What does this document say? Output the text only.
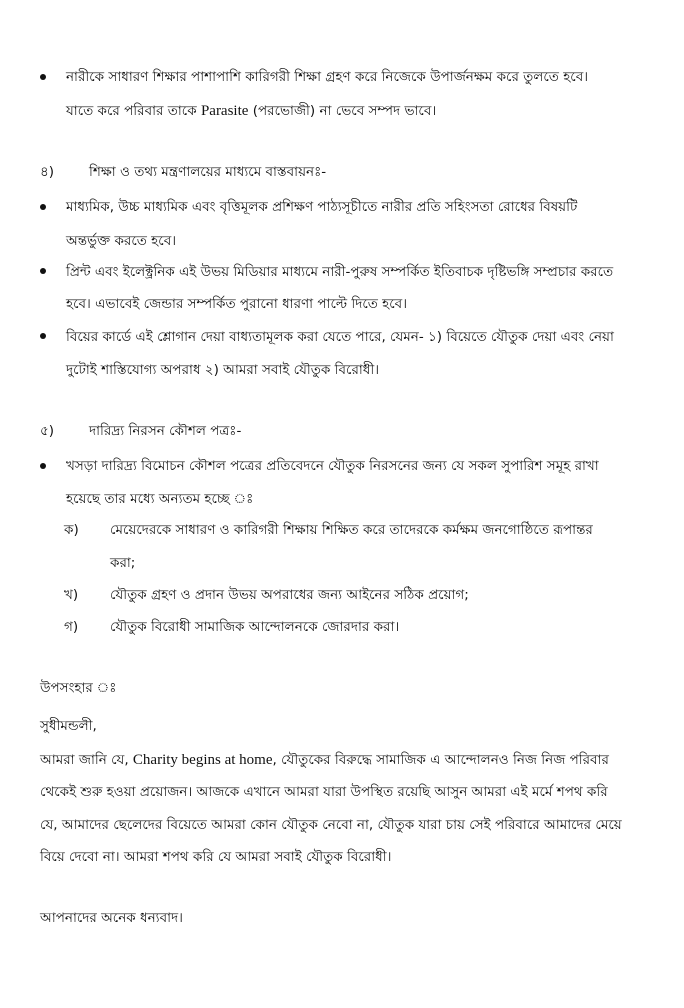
নারীকে সাধারণ শিক্ষার পাশাপাশি কারিগরী শিক্ষা গ্রহণ করে নিজেকে উপার্জনক্ষম করে তুলতে হবে।
যাতে করে পরিবার তাকে Parasite (পরভোজী) না ভেবে সম্পদ ভাবে।
৪)	শিক্ষা ও তথ্য মন্ত্রণালয়ের মাধ্যমে বাস্তবায়নঃ-
মাধ্যমিক, উচ্চ মাধ্যমিক এবং বৃত্তিমূলক প্রশিক্ষণ পাঠ্যসূচীতে নারীর প্রতি সহিংসতা রোধের বিষয়টি
অন্তর্ভুক্ত করতে হবে।
প্রিন্ট এবং ইলেক্ট্রনিক এই উভয় মিডিয়ার মাধ্যমে নারী-পুরুষ সম্পর্কিত ইতিবাচক দৃষ্টিভঙ্গি সম্প্রচার করতে
হবে। এভাবেই জেন্ডার সম্পর্কিত পুরানো ধারণা পাল্টে দিতে হবে।
বিয়ের কার্ডে এই শ্লোগান দেয়া বাধ্যতামূলক করা যেতে পারে, যেমন- ১) বিয়েতে যৌতুক দেয়া এবং নেয়া
দুটোই শাস্তিযোগ্য অপরাধ ২) আমরা সবাই যৌতুক বিরোধী।
৫)	দারিদ্র্য নিরসন কৌশল পত্রঃ-
খসড়া দারিদ্র্য বিমোচন কৌশল পত্রের প্রতিবেদনে যৌতুক নিরসনের জন্য যে সকল সুপারিশ সমূহ রাখা
হয়েছে তার মধ্যে অন্যতম হচ্ছে ঃ
ক) মেয়েদেরকে সাধারণ ও কারিগরী শিক্ষায় শিক্ষিত করে তাদেরকে কর্মক্ষম জনগোষ্ঠিতে রূপান্তর
করা;
খ) যৌতুক গ্রহণ ও প্রদান উভয় অপরাধের জন্য আইনের সঠিক প্রয়োগ;
গ) যৌতুক বিরোধী সামাজিক আন্দোলনকে জোরদার করা।
উপসংহার ঃ
সুধীমন্ডলী,
আমরা জানি যে, Charity begins at home, যৌতুকের বিরুদ্ধে সামাজিক এ আন্দোলনও নিজ নিজ পরিবার
থেকেই শুরু হওয়া প্রয়োজন। আজকে এখানে আমরা যারা উপস্থিত রয়েছি আসুন আমরা এই মর্মে শপথ করি
যে, আমাদের ছেলেদের বিয়েতে আমরা কোন যৌতুক নেবো না, যৌতুক যারা চায় সেই পরিবারে আমাদের মেয়ে
বিয়ে দেবো না। আমরা শপথ করি যে আমরা সবাই যৌতুক বিরোধী।
আপনাদের অনেক ধন্যবাদ।
